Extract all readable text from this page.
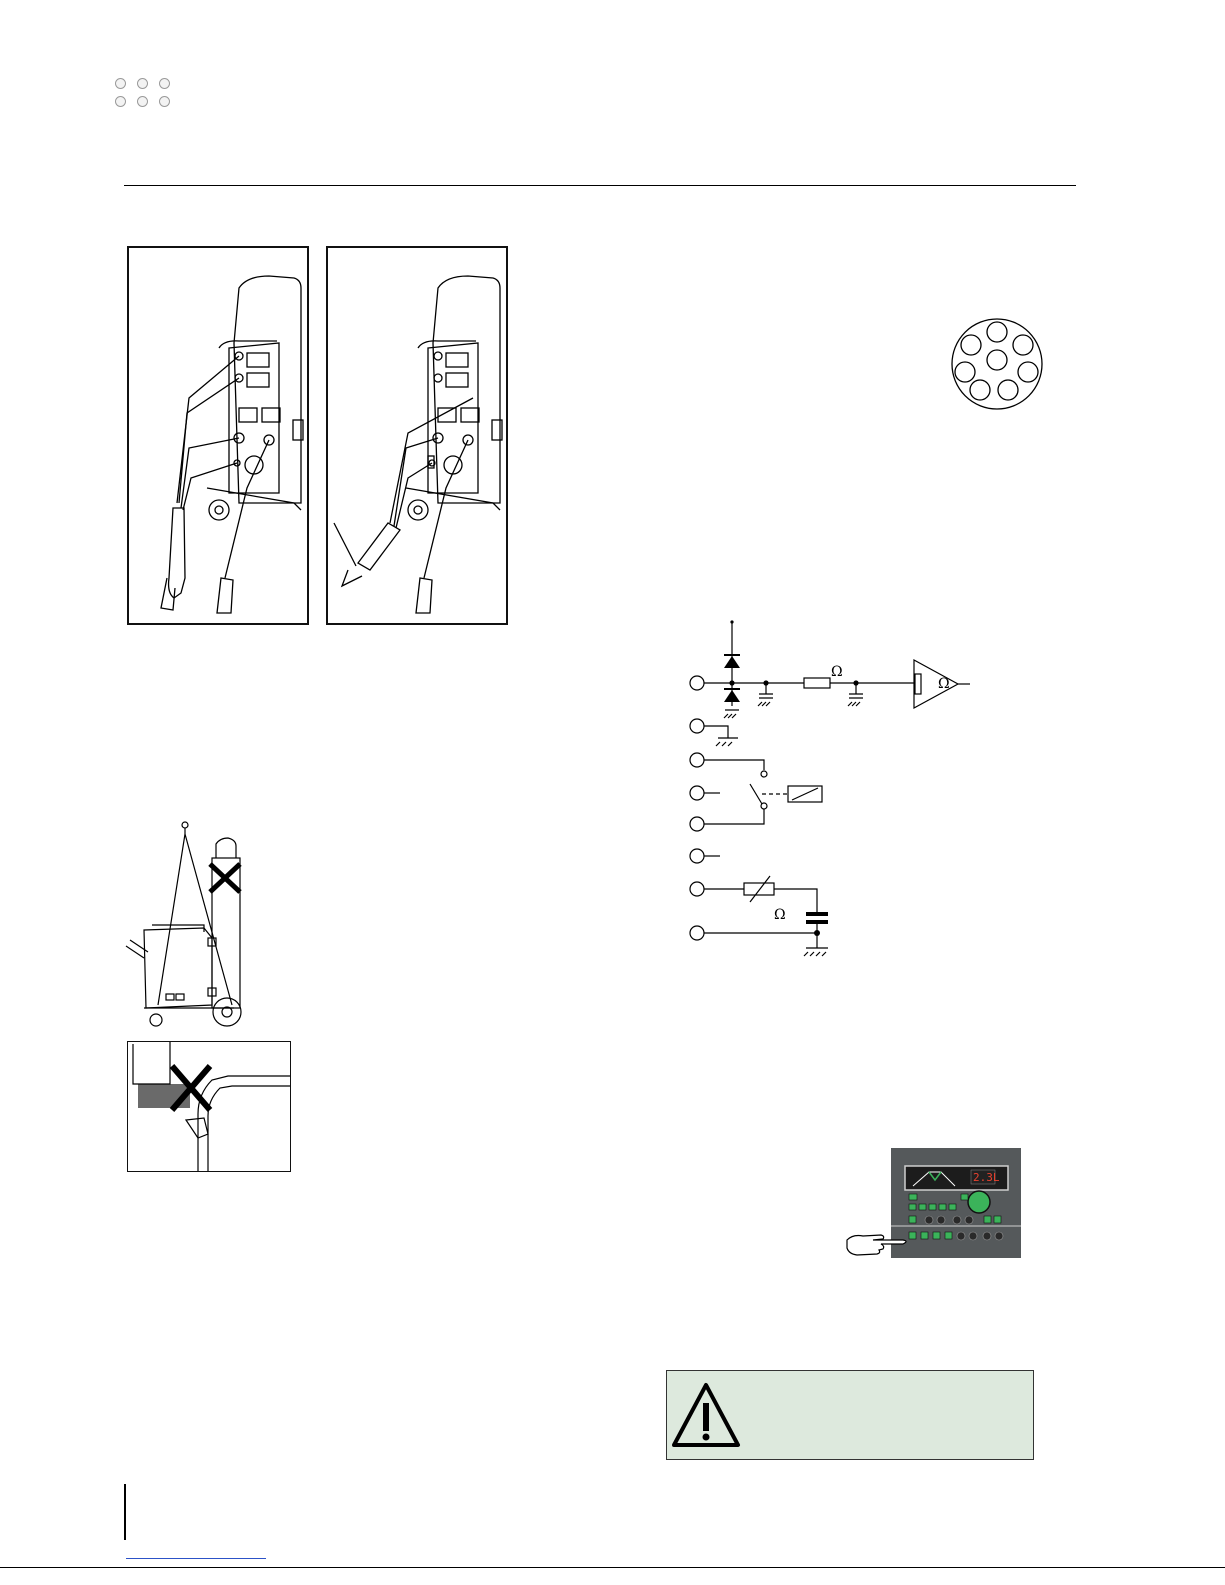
Ω
Ω
Ω
2.3L
